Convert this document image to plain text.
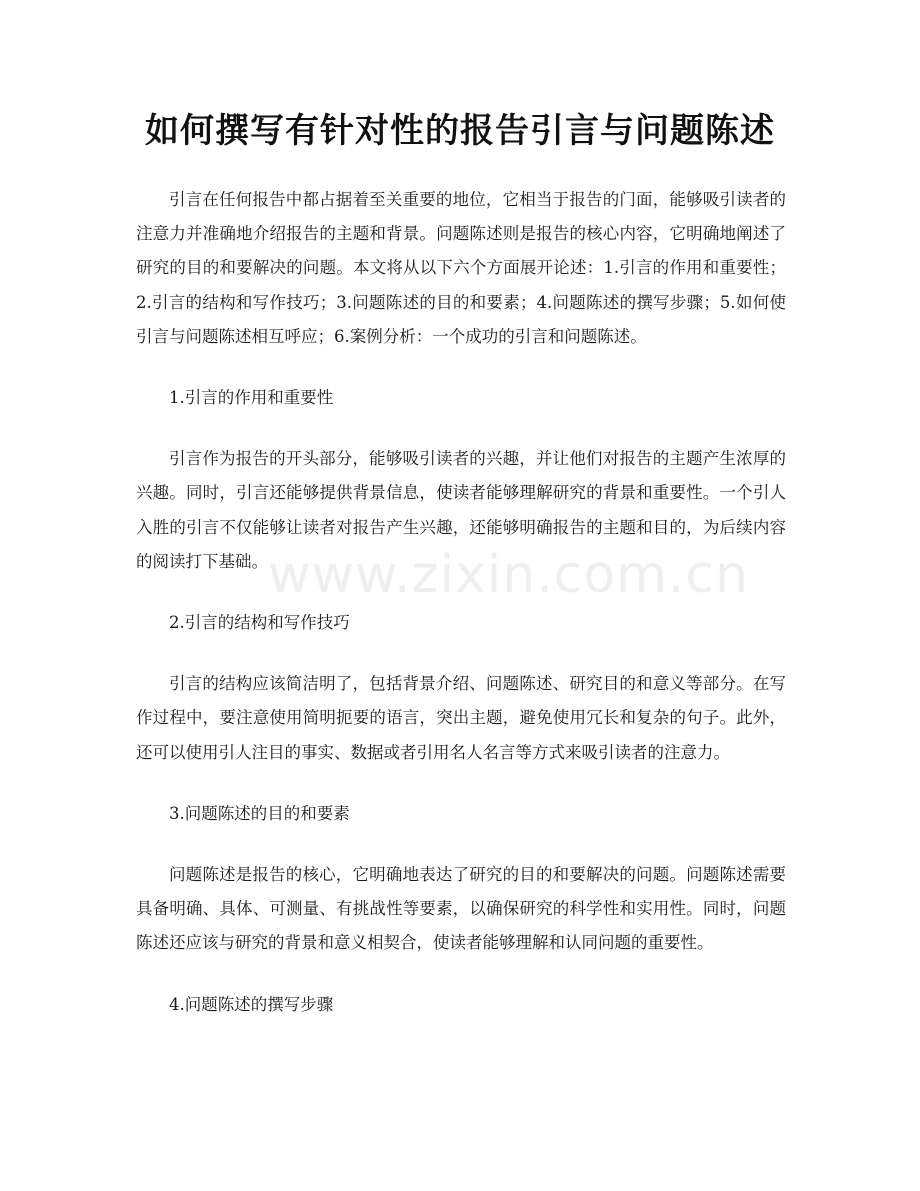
如何撰写有针对性的报告引言与问题陈述

引言在任何报告中都占据着至关重要的地位，它相当于报告的门面，能够吸引读者的注意力并准确地介绍报告的主题和背景。问题陈述则是报告的核心内容，它明确地阐述了研究的目的和要解决的问题。本文将从以下六个方面展开论述：1.引言的作用和重要性；2.引言的结构和写作技巧；3.问题陈述的目的和要素；4.问题陈述的撰写步骤；5.如何使引言与问题陈述相互呼应；6.案例分析：一个成功的引言和问题陈述。

1.引言的作用和重要性

引言作为报告的开头部分，能够吸引读者的兴趣，并让他们对报告的主题产生浓厚的兴趣。同时，引言还能够提供背景信息，使读者能够理解研究的背景和重要性。一个引人入胜的引言不仅能够让读者对报告产生兴趣，还能够明确报告的主题和目的，为后续内容的阅读打下基础。

2.引言的结构和写作技巧

引言的结构应该简洁明了，包括背景介绍、问题陈述、研究目的和意义等部分。在写作过程中，要注意使用简明扼要的语言，突出主题，避免使用冗长和复杂的句子。此外，还可以使用引人注目的事实、数据或者引用名人名言等方式来吸引读者的注意力。

3.问题陈述的目的和要素

问题陈述是报告的核心，它明确地表达了研究的目的和要解决的问题。问题陈述需要具备明确、具体、可测量、有挑战性等要素，以确保研究的科学性和实用性。同时，问题陈述还应该与研究的背景和意义相契合，使读者能够理解和认同问题的重要性。

4.问题陈述的撰写步骤

www.zixin.com.cn
